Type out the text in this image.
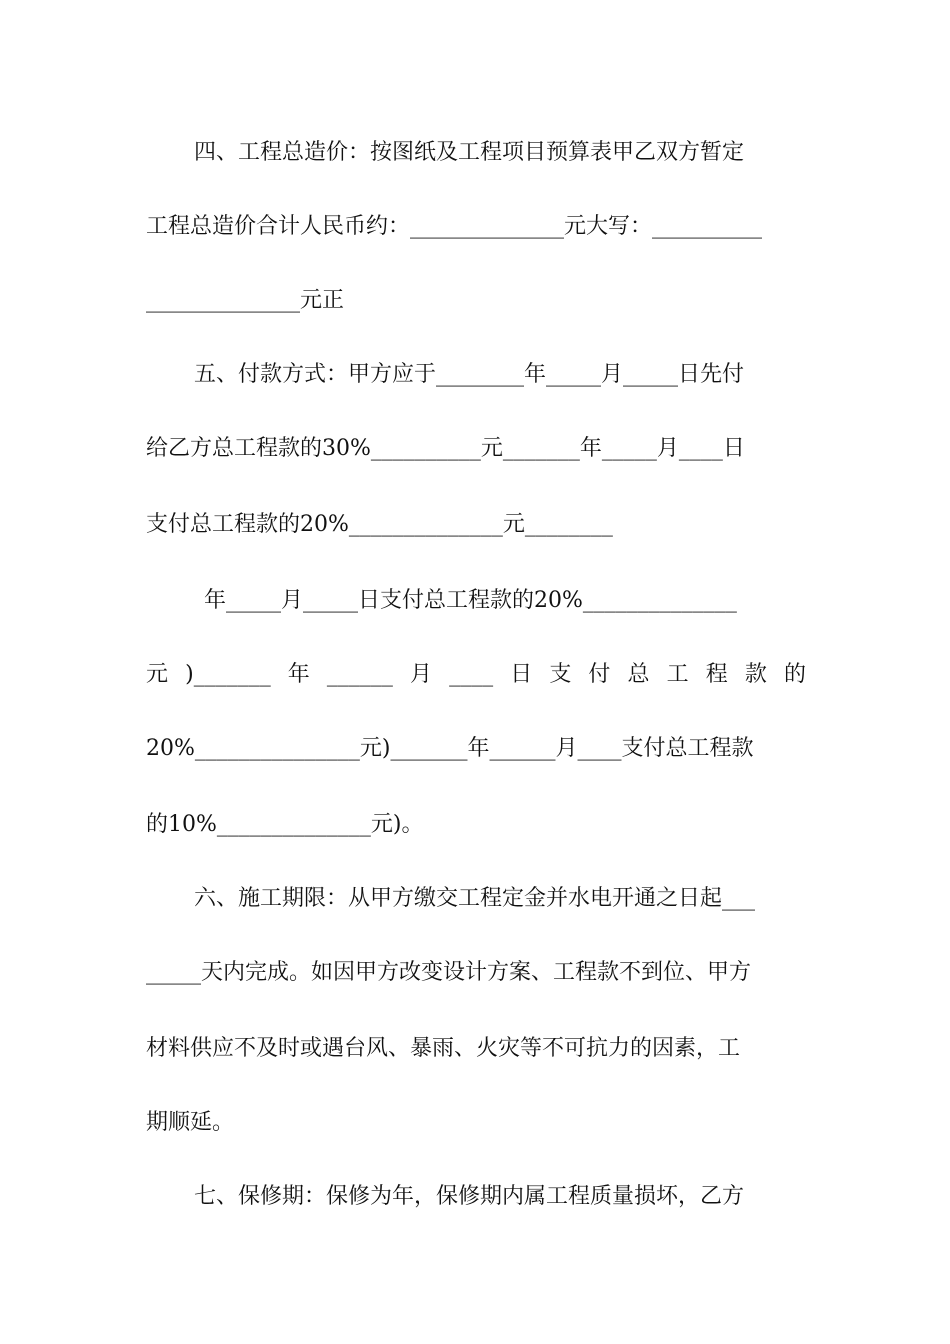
四、工程总造价：按图纸及工程项目预算表甲乙双方暂定
工程总造价合计人民币约：______________元大写：__________
______________元正
五、付款方式：甲方应于________年_____月_____日先付
给乙方总工程款的30%__________元_______年_____月____日
支付总工程款的20%______________元________
年_____月_____日支付总工程款的20%______________
元 )_______ 年 ______ 月 ____ 日 支 付 总 工 程 款 的
20%_______________元)_______年______月____支付总工程款
的10%______________元)。
六、施工期限：从甲方缴交工程定金并水电开通之日起___
_____天内完成。如因甲方改变设计方案、工程款不到位、甲方
材料供应不及时或遇台风、暴雨、火灾等不可抗力的因素，工
期顺延。
七、保修期：保修为年，保修期内属工程质量损坏，乙方
